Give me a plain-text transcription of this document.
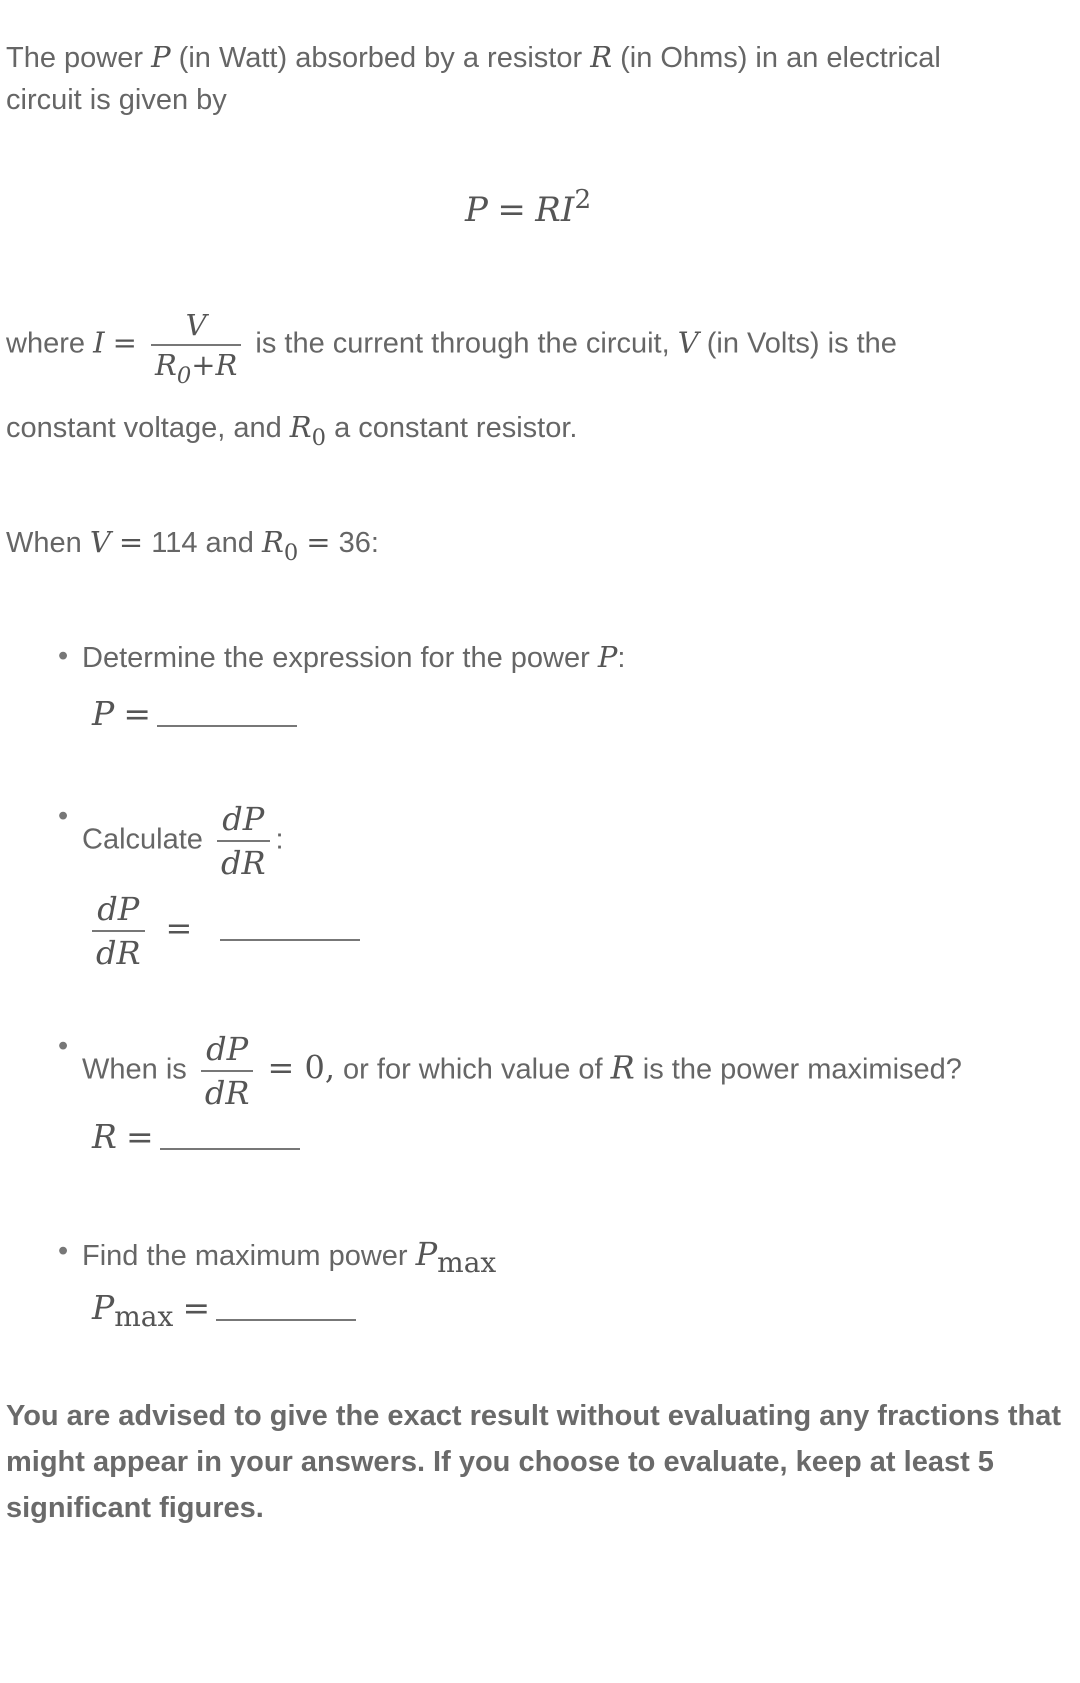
The power P (in Watt) absorbed by a resistor R (in Ohms) in an electrical
circuit is given by
$P = RI^2$
where $I = \frac{V}{R_0+R}$ is the current through the circuit, V (in Volts) is the
constant voltage, and $R_0$ a constant resistor.
When V = 114 and $R_0 = 36$:
• Determine the expression for the power P:
P =
• Calculate $\frac{dP}{dR}$ :
$\frac{dP}{dR}$ =
• When is $\frac{dP}{dR} = 0$, or for which value of R is the power maximised?
R =
• Find the maximum power Pmax
$P_{max}$ =
You are advised to give the exact result without evaluating any fractions that might appear in your answers. If you choose to evaluate, keep at least 5 significant figures.
